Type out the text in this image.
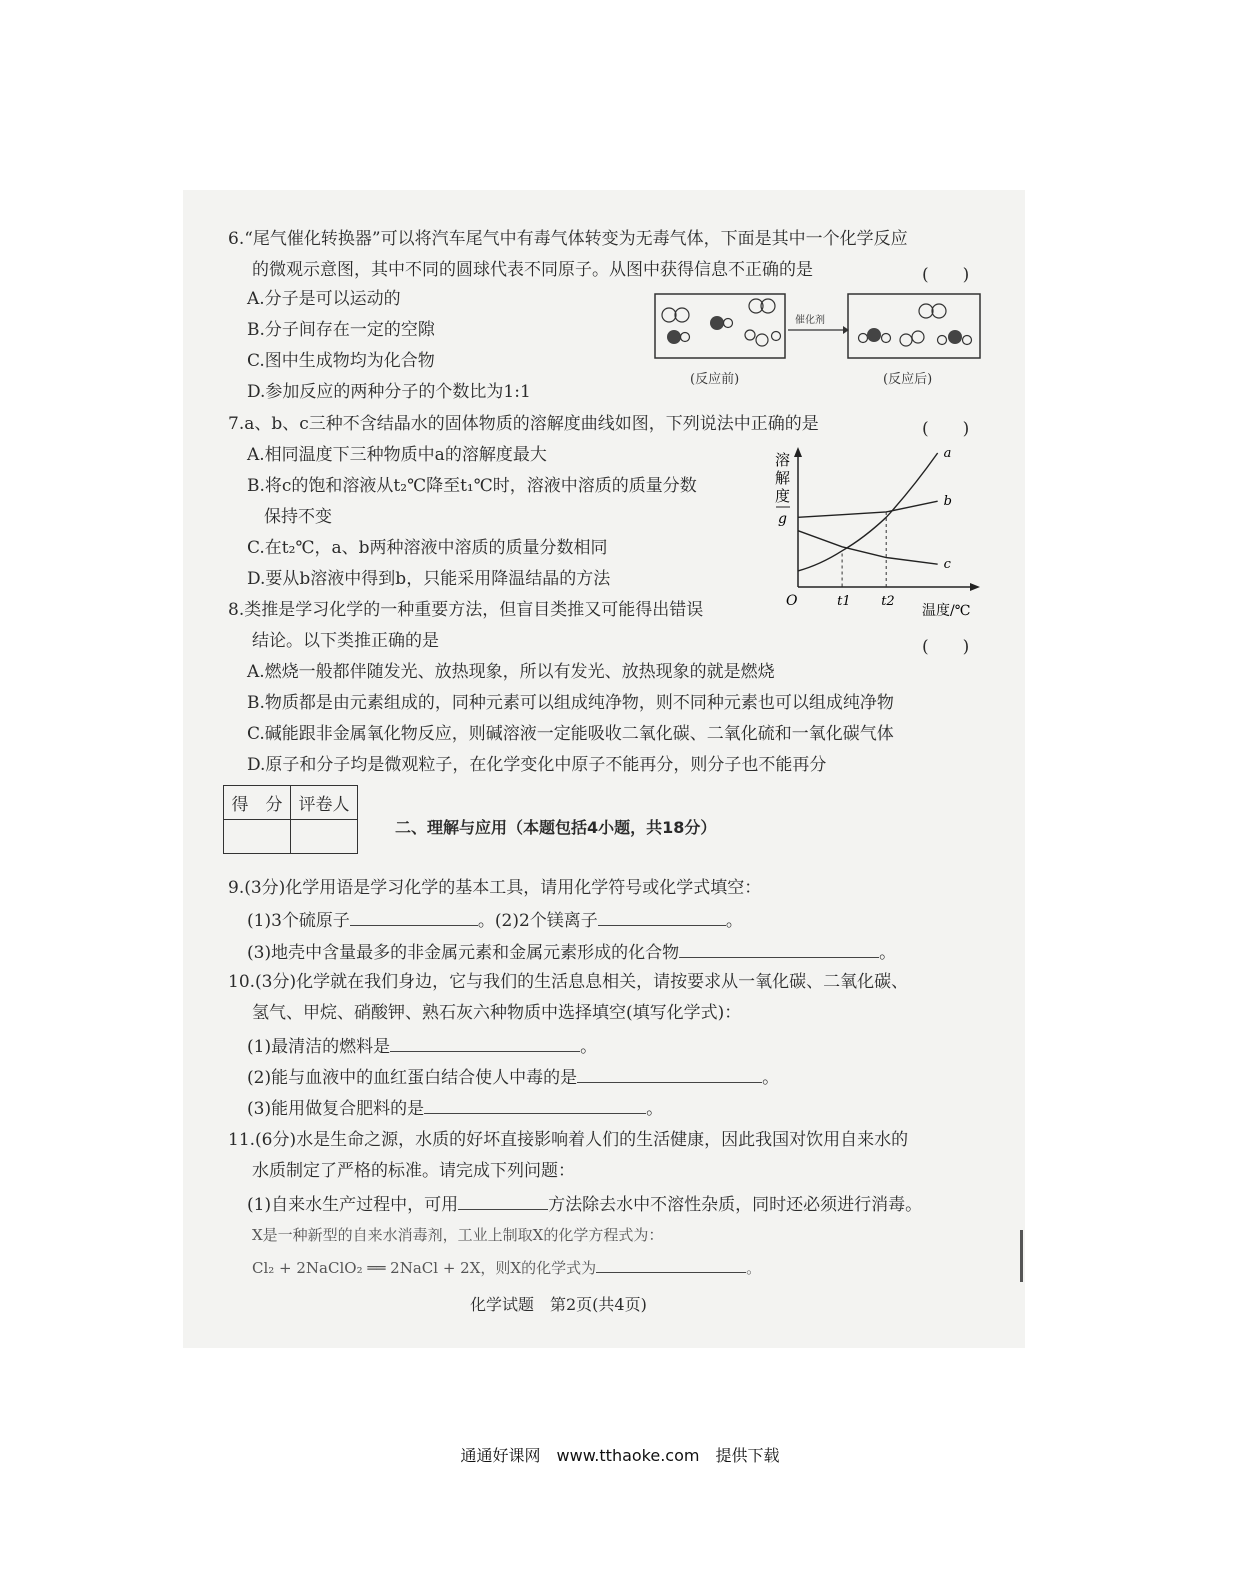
6.“尾气催化转换器”可以将汽车尾气中有毒气体转变为无毒气体，下面是其中一个化学反应
的微观示意图，其中不同的圆球代表不同原子。从图中获得信息不正确的是	(　　)
A.分子是可以运动的
B.分子间存在一定的空隙
C.图中生成物均为化合物
D.参加反应的两种分子的个数比为1:1
催化剂
(反应前)	(反应后)
7.a、b、c三种不含结晶水的固体物质的溶解度曲线如图，下列说法中正确的是	(　　)
A.相同温度下三种物质中a的溶解度最大
B.将c的饱和溶液从t₂℃降至t₁℃时，溶液中溶质的质量分数
　保持不变
C.在t₂℃，a、b两种溶液中溶质的质量分数相同
D.要从b溶液中得到b，只能采用降温结晶的方法
溶
解
度
g
O
温度/℃
a
b
c
t1 t2
8.类推是学习化学的一种重要方法，但盲目类推又可能得出错误
结论。以下类推正确的是	(　　)
A.燃烧一般都伴随发光、放热现象，所以有发光、放热现象的就是燃烧
B.物质都是由元素组成的，同种元素可以组成纯净物，则不同种元素也可以组成纯净物
C.碱能跟非金属氧化物反应，则碱溶液一定能吸收二氧化碳、二氧化硫和一氧化碳气体
D.原子和分子均是微观粒子，在化学变化中原子不能再分，则分子也不能再分
得　分	评卷人

二、理解与应用（本题包括4小题，共18分）
9.(3分)化学用语是学习化学的基本工具，请用化学符号或化学式填空：
(1)3个硫原子	。(2)2个镁离子	。
(3)地壳中含量最多的非金属元素和金属元素形成的化合物	。
10.(3分)化学就在我们身边，它与我们的生活息息相关，请按要求从一氧化碳、二氧化碳、
氢气、甲烷、硝酸钾、熟石灰六种物质中选择填空(填写化学式)：
(1)最清洁的燃料是	。
(2)能与血液中的血红蛋白结合使人中毒的是	。
(3)能用做复合肥料的是	。
11.(6分)水是生命之源，水质的好坏直接影响着人们的生活健康，因此我国对饮用自来水的
水质制定了严格的标准。请完成下列问题：
(1)自来水生产过程中，可用	方法除去水中不溶性杂质，同时还必须进行消毒。
X是一种新型的自来水消毒剂，工业上制取X的化学方程式为：
Cl₂ + 2NaClO₂ ══ 2NaCl + 2X，则X的化学式为	。
化学试题　第2页(共4页)
通通好课网　www.tthaoke.com　提供下载
